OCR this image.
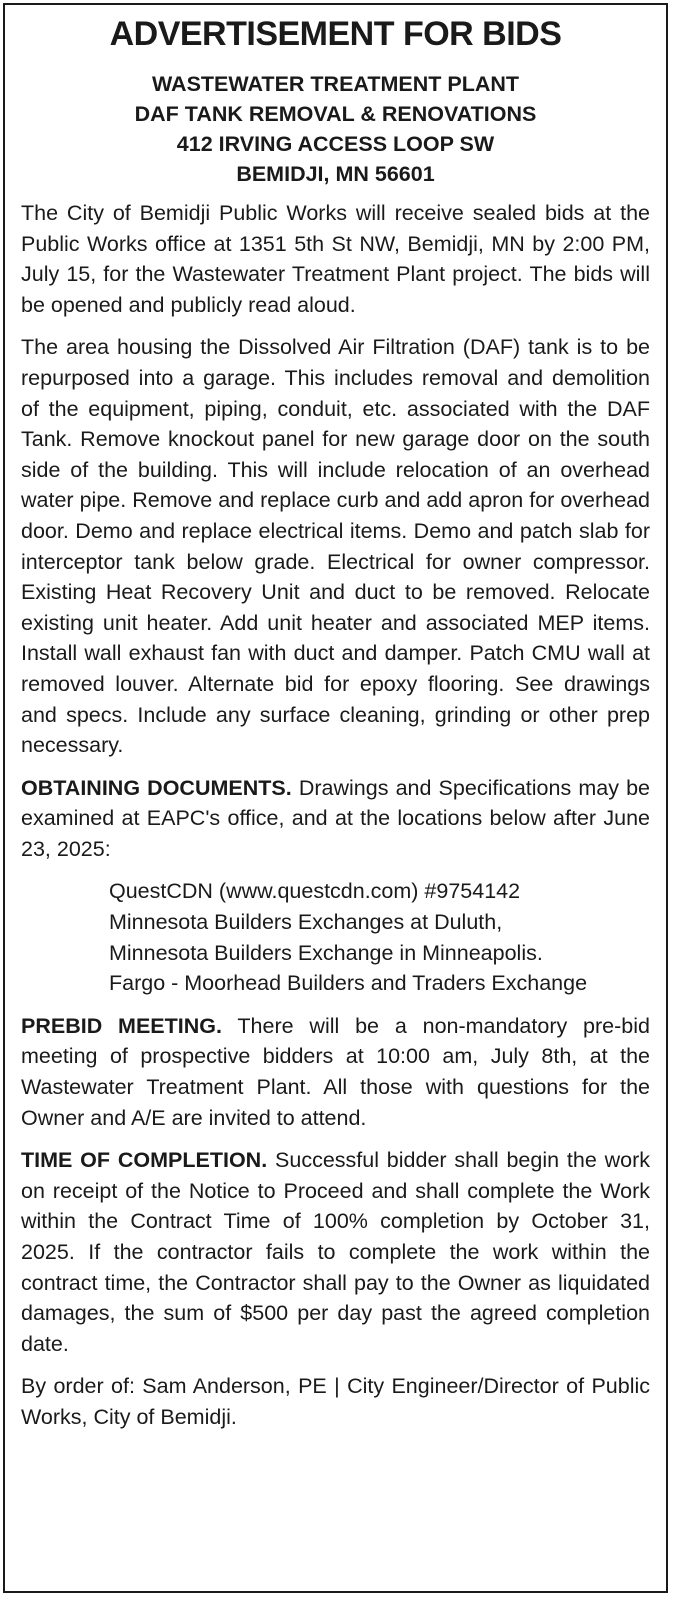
ADVERTISEMENT FOR BIDS
WASTEWATER TREATMENT PLANT
DAF TANK REMOVAL & RENOVATIONS
412 IRVING ACCESS LOOP SW
BEMIDJI, MN 56601

The City of Bemidji Public Works will receive sealed bids at the Public Works office at 1351 5th St NW, Bemidji, MN by 2:00 PM, July 15, for the Wastewater Treatment Plant project. The bids will be opened and publicly read aloud.

The area housing the Dissolved Air Filtration (DAF) tank is to be repurposed into a garage. This includes removal and demolition of the equipment, piping, conduit, etc. associated with the DAF Tank. Remove knockout panel for new garage door on the south side of the building. This will include relocation of an overhead water pipe. Remove and replace curb and add apron for overhead door. Demo and replace electrical items. Demo and patch slab for interceptor tank below grade. Electrical for owner compressor. Existing Heat Recovery Unit and duct to be removed. Relocate existing unit heater. Add unit heater and associated MEP items. Install wall exhaust fan with duct and damper. Patch CMU wall at removed louver. Alternate bid for epoxy flooring. See drawings and specs. Include any surface cleaning, grinding or other prep necessary.

OBTAINING DOCUMENTS. Drawings and Specifications may be examined at EAPC's office, and at the locations below after June 23, 2025:

QuestCDN (www.questcdn.com) #9754142
Minnesota Builders Exchanges at Duluth,
Minnesota Builders Exchange in Minneapolis.
Fargo - Moorhead Builders and Traders Exchange

PREBID MEETING. There will be a non-mandatory pre-bid meeting of prospective bidders at 10:00 am, July 8th, at the Wastewater Treatment Plant. All those with questions for the Owner and A/E are invited to attend.

TIME OF COMPLETION. Successful bidder shall begin the work on receipt of the Notice to Proceed and shall complete the Work within the Contract Time of 100% completion by October 31, 2025. If the contractor fails to complete the work within the contract time, the Contractor shall pay to the Owner as liquidated damages, the sum of $500 per day past the agreed completion date.

By order of: Sam Anderson, PE | City Engineer/Director of Public Works, City of Bemidji.
